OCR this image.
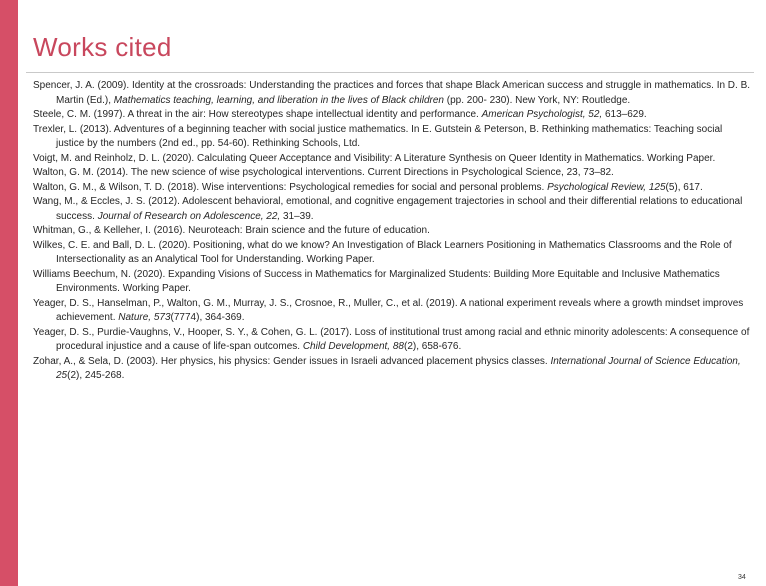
Works cited

Spencer, J. A. (2009). Identity at the crossroads: Understanding the practices and forces that shape Black American success and struggle in mathematics. In D. B. Martin (Ed.), Mathematics teaching, learning, and liberation in the lives of Black children (pp. 200- 230). New York, NY: Routledge.

Steele, C. M. (1997). A threat in the air: How stereotypes shape intellectual identity and performance. American Psychologist, 52, 613–629.

Trexler, L. (2013). Adventures of a beginning teacher with social justice mathematics. In E. Gutstein & Peterson, B. Rethinking mathematics: Teaching social justice by the numbers (2nd ed., pp. 54-60). Rethinking Schools, Ltd.

Voigt, M. and Reinholz, D. L. (2020). Calculating Queer Acceptance and Visibility: A Literature Synthesis on Queer Identity in Mathematics. Working Paper.

Walton, G. M. (2014). The new science of wise psychological interventions. Current Directions in Psychological Science, 23, 73–82.

Walton, G. M., & Wilson, T. D. (2018). Wise interventions: Psychological remedies for social and personal problems. Psychological Review, 125(5), 617.

Wang, M., & Eccles, J. S. (2012). Adolescent behavioral, emotional, and cognitive engagement trajectories in school and their differential relations to educational success. Journal of Research on Adolescence, 22, 31–39.

Whitman, G., & Kelleher, I. (2016). Neuroteach: Brain science and the future of education.

Wilkes, C. E. and Ball, D. L. (2020). Positioning, what do we know? An Investigation of Black Learners Positioning in Mathematics Classrooms and the Role of Intersectionality as an Analytical Tool for Understanding. Working Paper.

Williams Beechum, N. (2020). Expanding Visions of Success in Mathematics for Marginalized Students: Building More Equitable and Inclusive Mathematics Environments. Working Paper.

Yeager, D. S., Hanselman, P., Walton, G. M., Murray, J. S., Crosnoe, R., Muller, C., et al. (2019). A national experiment reveals where a growth mindset improves achievement. Nature, 573(7774), 364-369.

Yeager, D. S., Purdie-Vaughns, V., Hooper, S. Y., & Cohen, G. L. (2017). Loss of institutional trust among racial and ethnic minority adolescents: A consequence of procedural injustice and a cause of life-span outcomes. Child Development, 88(2), 658-676.

Zohar, A., & Sela, D. (2003). Her physics, his physics: Gender issues in Israeli advanced placement physics classes. International Journal of Science Education, 25(2), 245-268.

34
